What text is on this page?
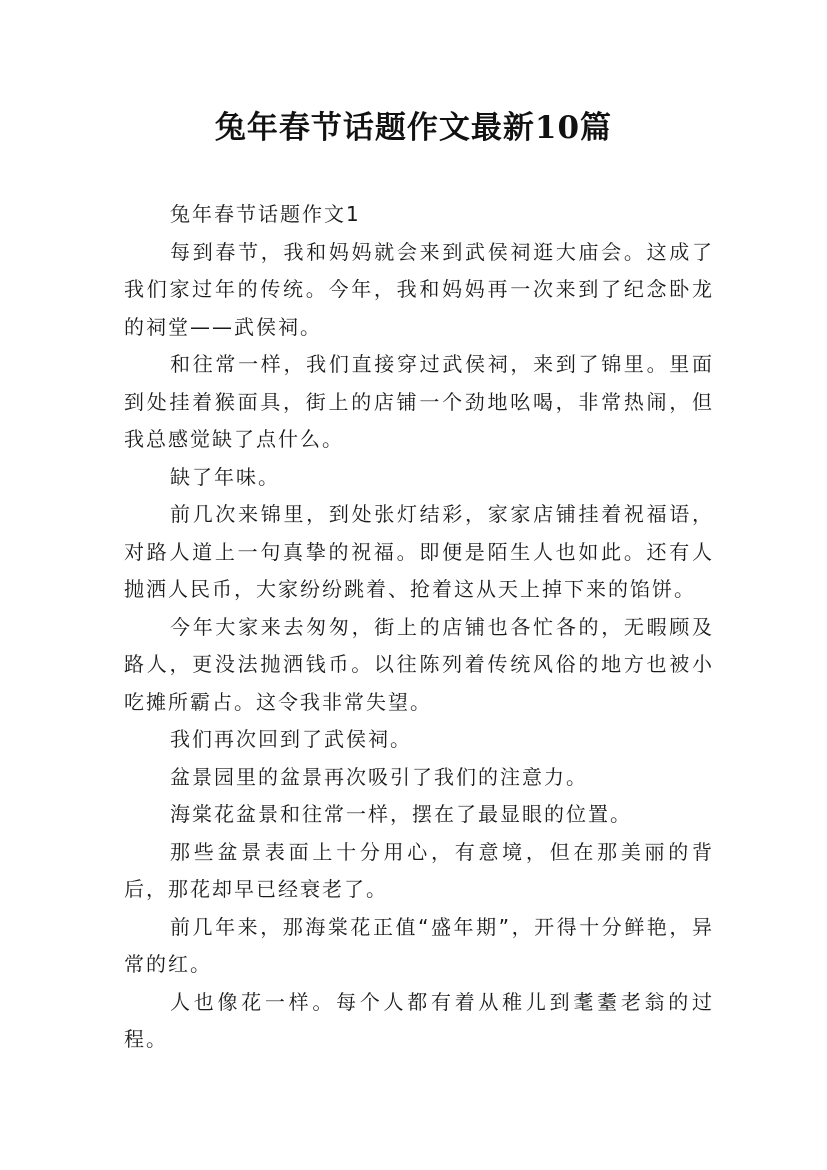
兔年春节话题作文最新10篇

兔年春节话题作文1

每到春节，我和妈妈就会来到武侯祠逛大庙会。这成了我们家过年的传统。今年，我和妈妈再一次来到了纪念卧龙的祠堂——武侯祠。

和往常一样，我们直接穿过武侯祠，来到了锦里。里面到处挂着猴面具，街上的店铺一个劲地吆喝，非常热闹，但我总感觉缺了点什么。

缺了年味。

前几次来锦里，到处张灯结彩，家家店铺挂着祝福语，对路人道上一句真挚的祝福。即便是陌生人也如此。还有人抛洒人民币，大家纷纷跳着、抢着这从天上掉下来的馅饼。

今年大家来去匆匆，街上的店铺也各忙各的，无暇顾及路人，更没法抛洒钱币。以往陈列着传统风俗的地方也被小吃摊所霸占。这令我非常失望。

我们再次回到了武侯祠。

盆景园里的盆景再次吸引了我们的注意力。

海棠花盆景和往常一样，摆在了最显眼的位置。

那些盆景表面上十分用心，有意境，但在那美丽的背后，那花却早已经衰老了。

前几年来，那海棠花正值“盛年期”，开得十分鲜艳，异常的红。

人也像花一样。每个人都有着从稚儿到耄耋老翁的过程。
